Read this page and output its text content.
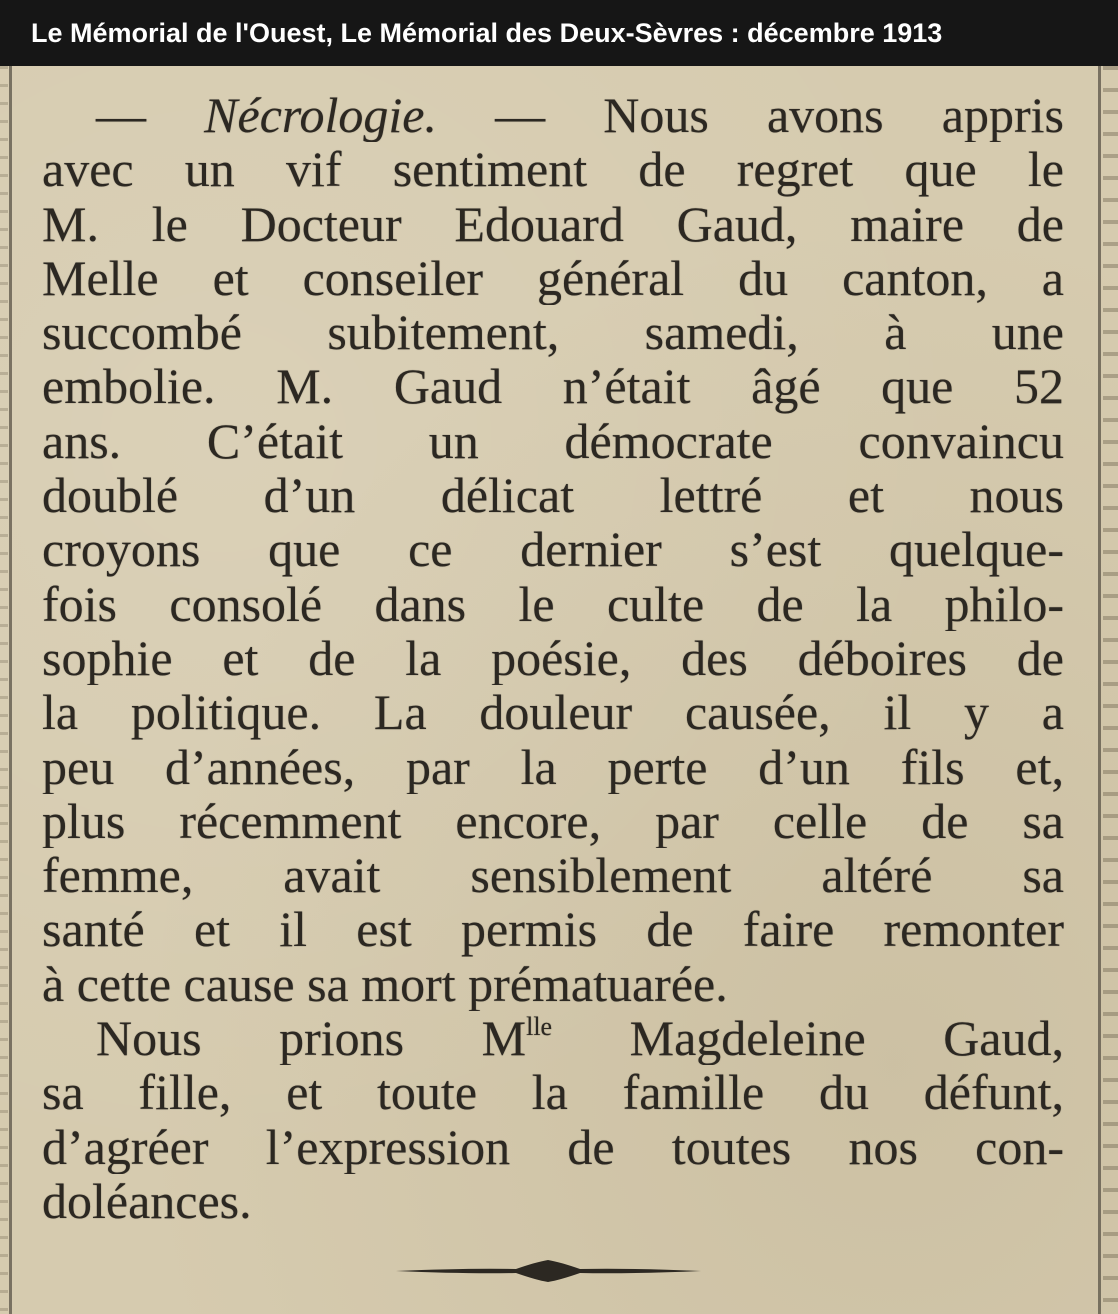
Le Mémorial de l'Ouest, Le Mémorial des Deux-Sèvres : décembre 1913
— Nécrologie. — Nous avons appris
avec un vif sentiment de regret que le
M. le Docteur Edouard Gaud, maire de
Melle et conseiler général du canton, a
succombé subitement, samedi, à une
embolie. M. Gaud n’était âgé que 52
ans. C’était un démocrate convaincu
doublé d’un délicat lettré et nous
croyons que ce dernier s’est quelque-
fois consolé dans le culte de la philo-
sophie et de la poésie, des déboires de
la politique. La douleur causée, il y a
peu d’années, par la perte d’un fils et,
plus récemment encore, par celle de sa
femme, avait sensiblement altéré sa
santé et il est permis de faire remonter
à cette cause sa mort prématuarée.
Nous prions $M^{lle}$ Magdeleine Gaud,
sa fille, et toute la famille du défunt,
d’agréer l’expression de toutes nos con-
doléances.
